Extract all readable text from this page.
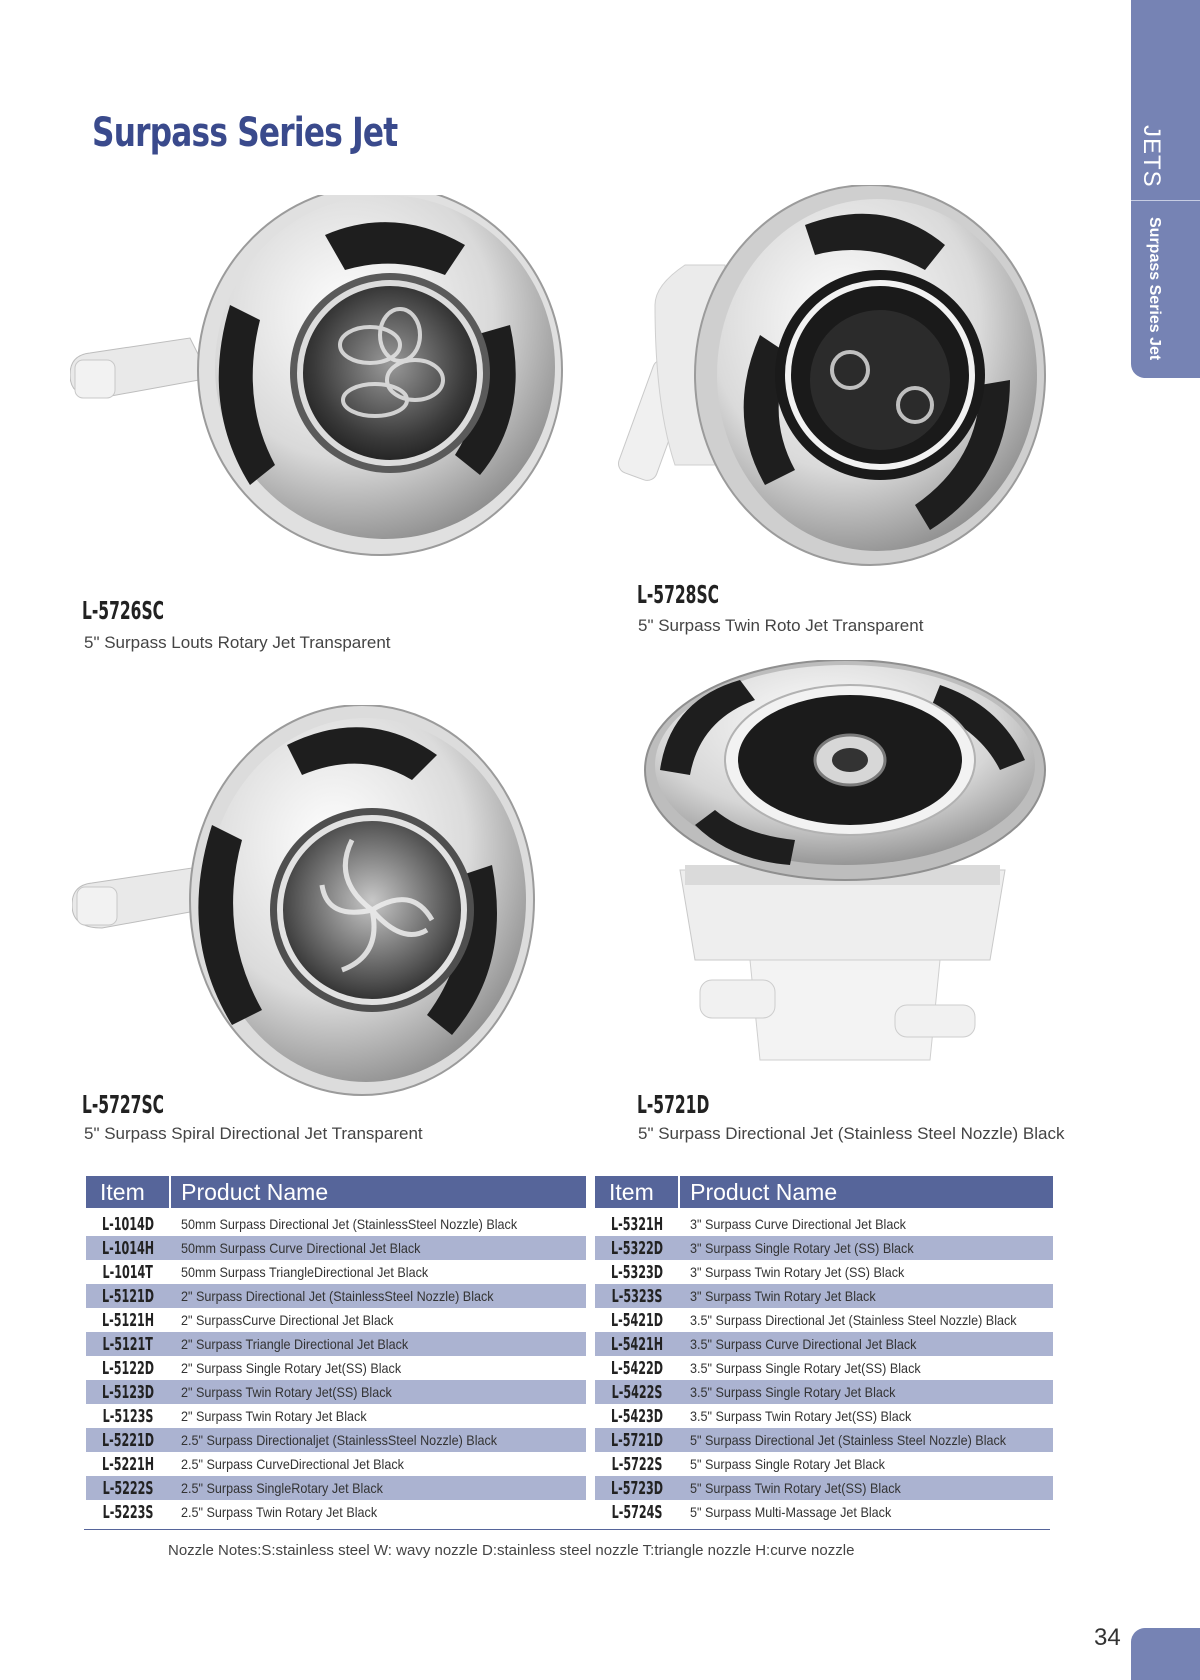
Surpass Series Jet	JETS
Surpass Series Jet
L-5726SC
5" Surpass Louts Rotary Jet Transparent
L-5728SC
5" Surpass Twin Roto Jet Transparent
L-5727SC
5" Surpass Spiral Directional Jet Transparent
L-5721D
5" Surpass Directional Jet (Stainless Steel Nozzle) Black
Item	Product Name
L-1014D	50mm Surpass Directional Jet (StainlessSteel Nozzle) Black
L-1014H	50mm Surpass Curve Directional Jet Black
L-1014T	50mm Surpass TriangleDirectional Jet Black
L-5121D	2" Surpass Directional Jet (StainlessSteel Nozzle) Black
L-5121H	2" SurpassCurve Directional Jet Black
L-5121T	2" Surpass Triangle Directional Jet Black
L-5122D	2" Surpass Single Rotary Jet(SS) Black
L-5123D	2" Surpass Twin Rotary Jet(SS) Black
L-5123S	2" Surpass Twin Rotary Jet Black
L-5221D	2.5" Surpass Directionaljet (StainlessSteel Nozzle) Black
L-5221H	2.5" Surpass CurveDirectional Jet Black
L-5222S	2.5" Surpass SingleRotary Jet Black
L-5223S	2.5" Surpass Twin Rotary Jet Black
Item	Product Name
L-5321H	3" Surpass Curve Directional Jet Black
L-5322D	3" Surpass Single Rotary Jet (SS) Black
L-5323D	3" Surpass Twin Rotary Jet (SS) Black
L-5323S	3" Surpass Twin Rotary Jet Black
L-5421D	3.5" Surpass Directional Jet (Stainless Steel Nozzle) Black
L-5421H	3.5" Surpass Curve Directional Jet Black
L-5422D	3.5" Surpass Single Rotary Jet(SS) Black
L-5422S	3.5" Surpass Single Rotary Jet Black
L-5423D	3.5" Surpass Twin Rotary Jet(SS) Black
L-5721D	5" Surpass Directional Jet (Stainless Steel Nozzle) Black
L-5722S	5" Surpass Single Rotary Jet Black
L-5723D	5" Surpass Twin Rotary Jet(SS) Black
L-5724S	5" Surpass Multi-Massage Jet Black
Nozzle Notes:S:stainless steel W: wavy nozzle D:stainless steel nozzle T:triangle nozzle H:curve nozzle
34
